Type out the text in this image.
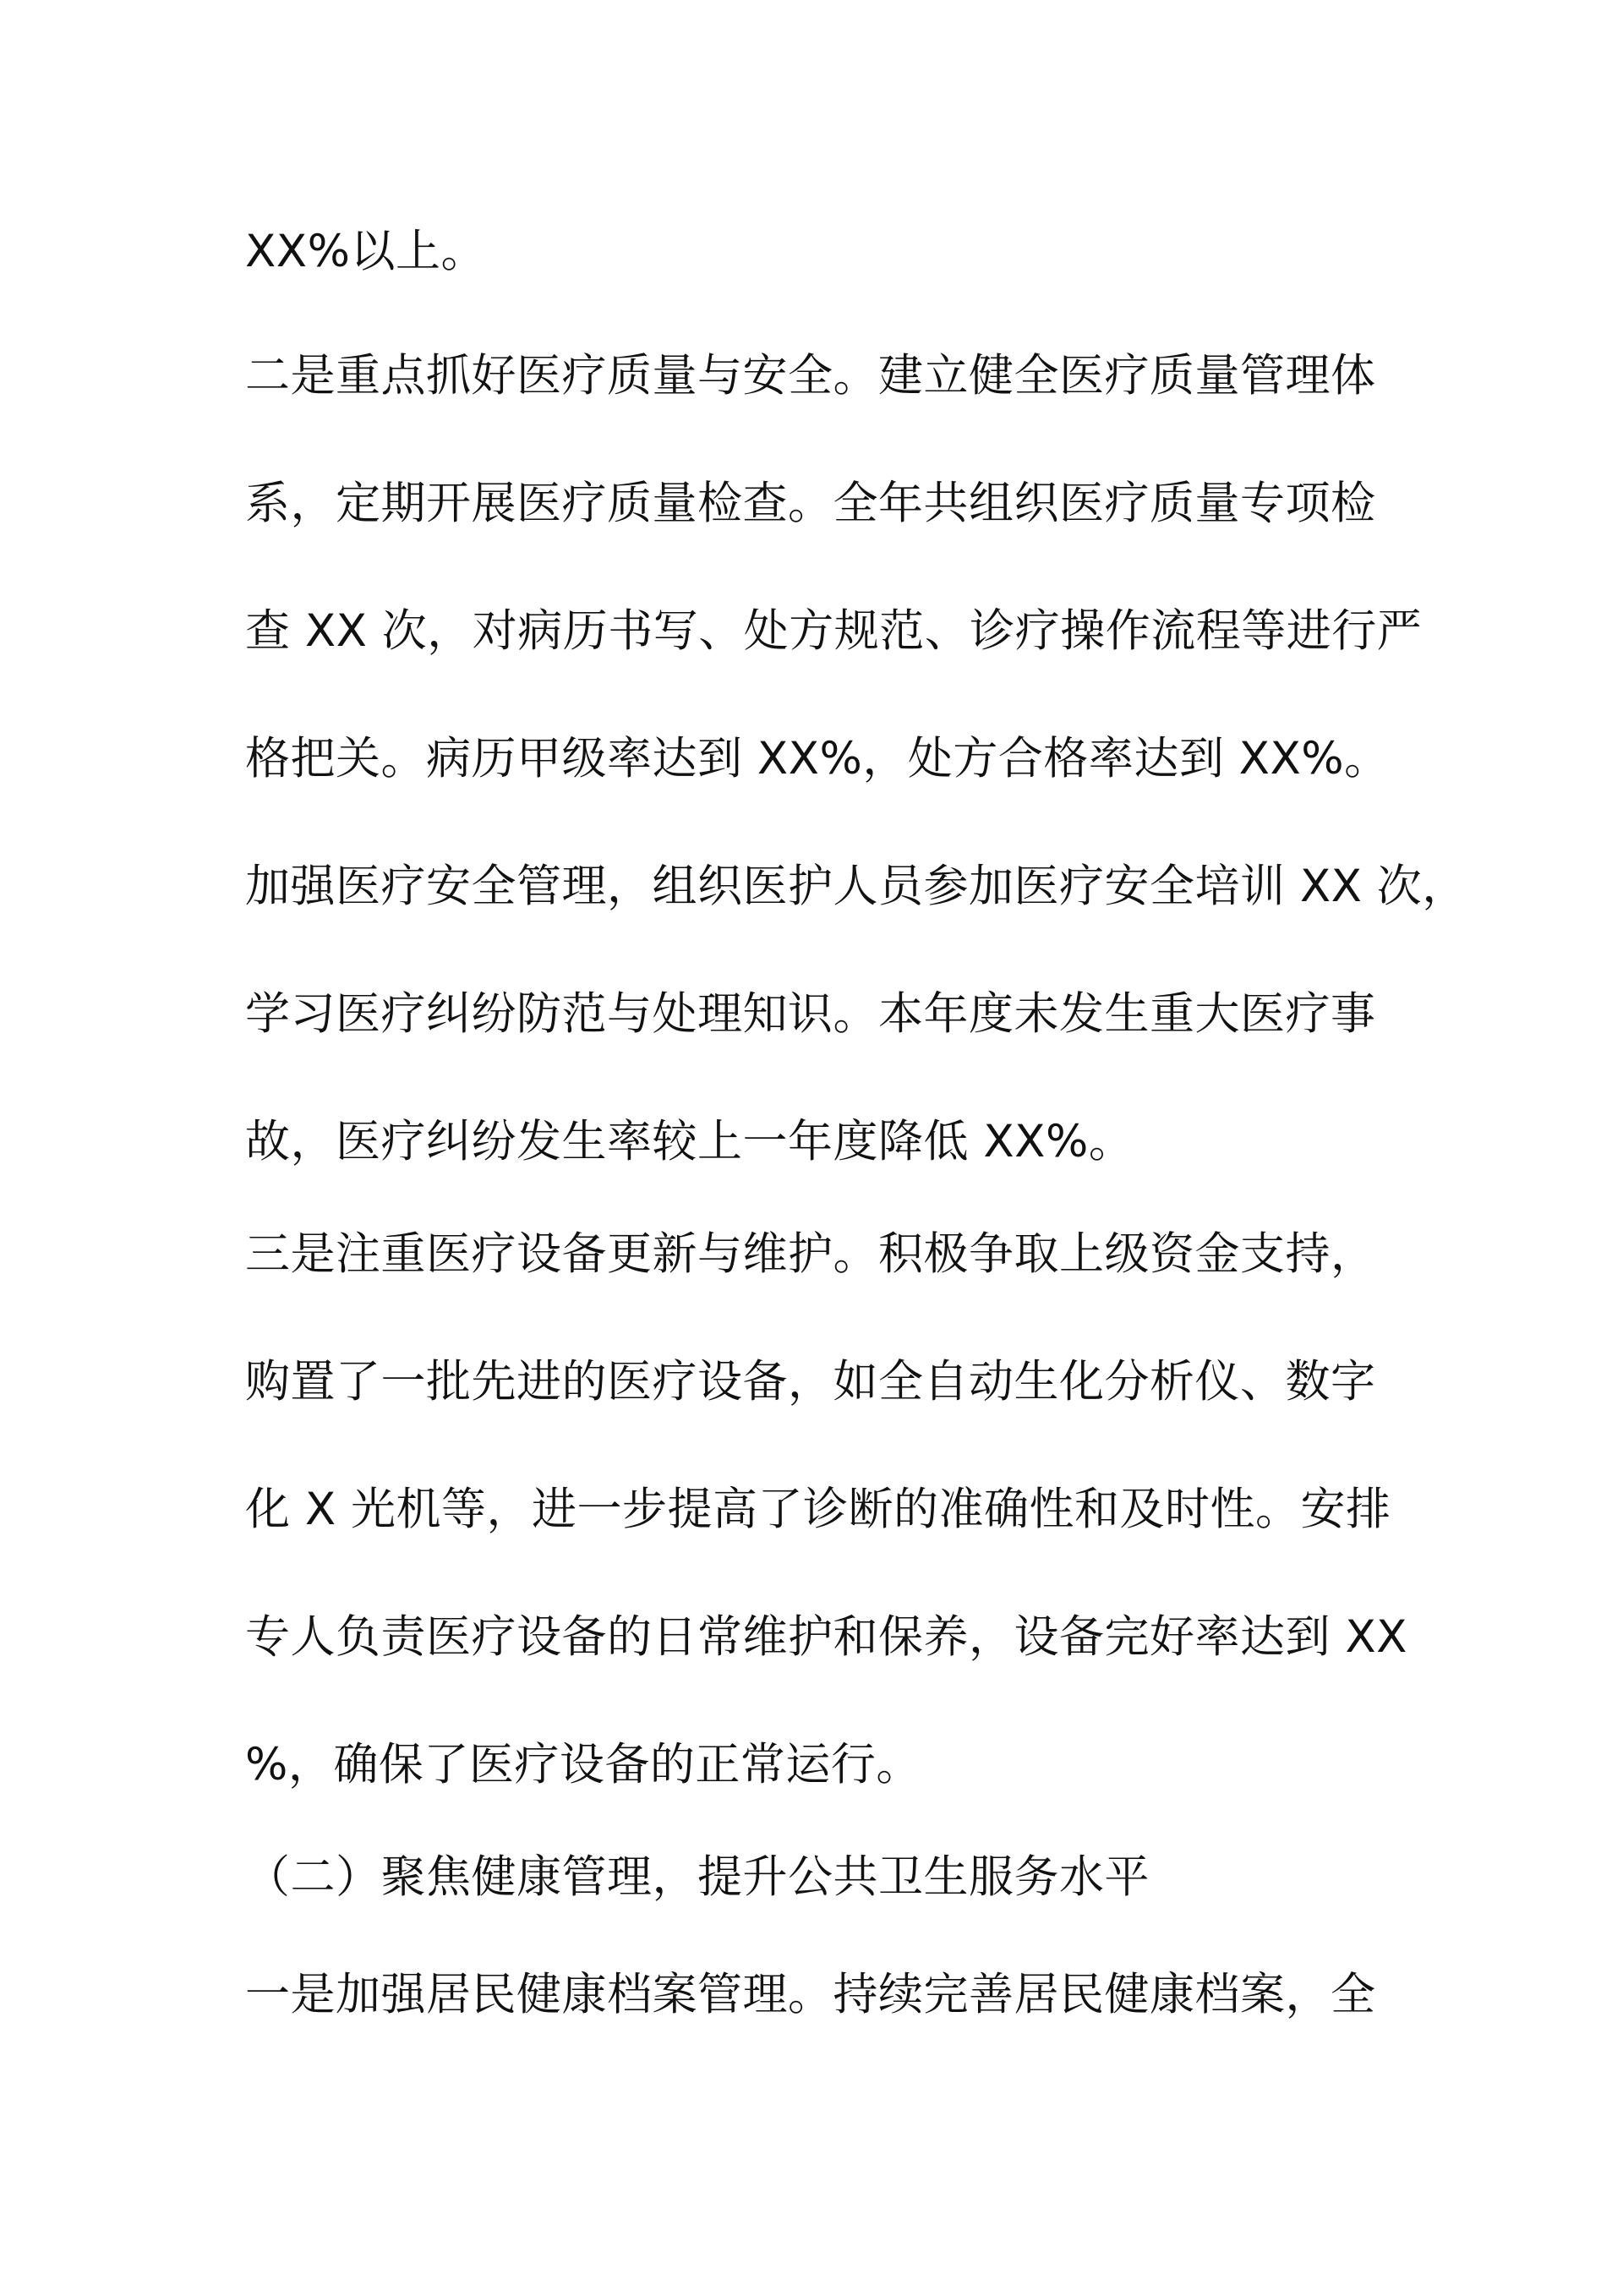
XX%以上。

二是重点抓好医疗质量与安全。建立健全医疗质量管理体

系，定期开展医疗质量检查。全年共组织医疗质量专项检

查 XX 次，对病历书写、处方规范、诊疗操作流程等进行严

格把关。病历甲级率达到 XX%，处方合格率达到 XX%。

加强医疗安全管理，组织医护人员参加医疗安全培训 XX 次，

学习医疗纠纷防范与处理知识。本年度未发生重大医疗事

故，医疗纠纷发生率较上一年度降低 XX%。

三是注重医疗设备更新与维护。积极争取上级资金支持，

购置了一批先进的医疗设备，如全自动生化分析仪、数字

化 X 光机等，进一步提高了诊断的准确性和及时性。安排

专人负责医疗设备的日常维护和保养，设备完好率达到 XX

%，确保了医疗设备的正常运行。

（二）聚焦健康管理，提升公共卫生服务水平

一是加强居民健康档案管理。持续完善居民健康档案，全
